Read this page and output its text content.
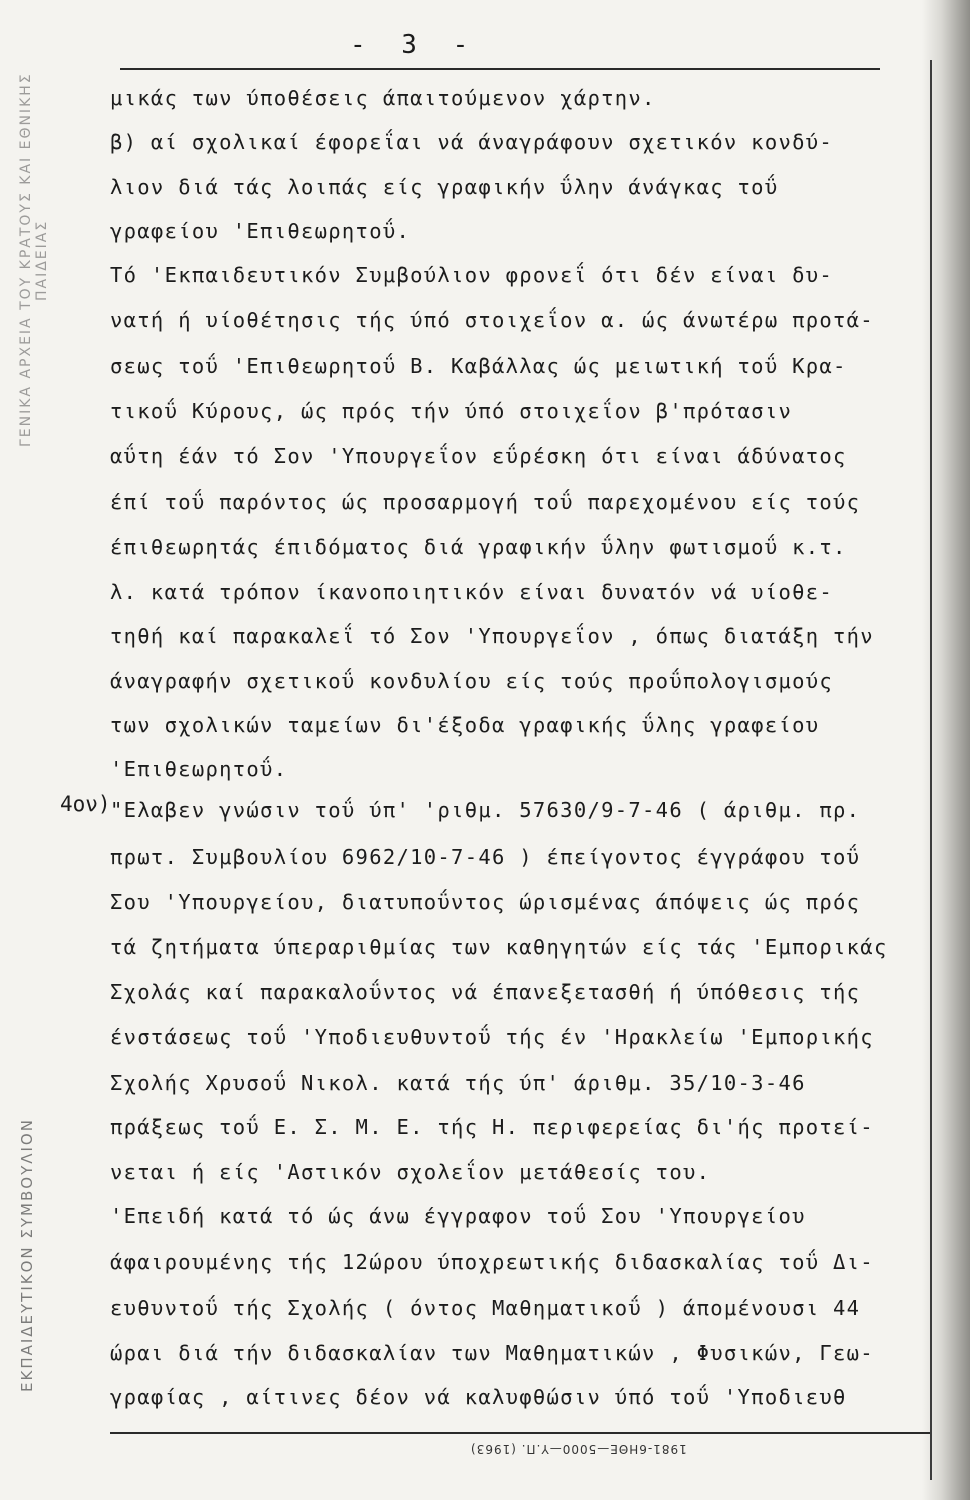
ΓΕΝΙΚΑ ΑΡΧΕΙΑ ΤΟΥ ΚΡΑΤΟΥΣ ΚΑΙ ΕΘΝΙΚΗΣ ΠΑΙΔΕΙΑΣ
ΕΚΠΑΙΔΕΥΤΙΚΟΝ ΣΥΜΒΟΥΛΙΟΝ
- 3 -
4ον)
μικάς των ύποθέσεις άπαιτούμενον χάρτην.
β) αί σχολικαί έφορεΐαι νά άναγράφουν σχετικόν κονδύ-
λιον διά τάς λοιπάς είς γραφικήν ΰλην άνάγκας τοΰ
γραφείου 'Επιθεωρητοΰ.
Τό 'Εκπαιδευτικόν Συμβούλιον φρονεΐ ότι δέν είναι δυ-
νατή ή υίοθέτησις τής ύπό στοιχεΐον α. ώς άνωτέρω προτά-
σεως τοΰ 'Επιθεωρητοΰ Β. Καβάλλας ώς μειωτική τοΰ Κρα-
τικοΰ Κύρους, ώς πρός τήν ύπό στοιχεΐον β'πρότασιν
αΰτη έάν τό Σον 'Υπουργεΐον εΰρέσκη ότι είναι άδύνατος
έπί τοΰ παρόντος ώς προσαρμογή τοΰ παρεχομένου είς τούς
έπιθεωρητάς έπιδόματος διά γραφικήν ΰλην φωτισμοΰ κ.τ.
λ. κατά τρόπον ίκανοποιητικόν είναι δυνατόν νά υίοθε-
τηθή καί παρακαλεΐ τό Σον 'Υπουργεΐον , όπως διατάξη τήν
άναγραφήν σχετικοΰ κονδυλίου είς τούς προΰπολογισμούς
των σχολικών ταμείων δι'έξοδα γραφικής ΰλης γραφείου
'Επιθεωρητοΰ.
"Ελαβεν γνώσιν τοΰ ύπ' 'ριθμ. 57630/9-7-46 ( άριθμ. πρ.
πρωτ. Συμβουλίου 6962/10-7-46 ) έπείγοντος έγγράφου τοΰ
Σου 'Υπουργείου, διατυποΰντος ώρισμένας άπόψεις ώς πρός
τά ζητήματα ύπεραριθμίας των καθηγητών είς τάς 'Εμπορικάς
Σχολάς καί παρακαλοΰντος νά έπανεξετασθή ή ύπόθεσις τής
ένστάσεως τοΰ 'Υποδιευθυντοΰ τής έν 'Ηρακλείω 'Εμπορικής
Σχολής Χρυσοΰ Νικολ. κατά τής ύπ' άριθμ. 35/10-3-46
πράξεως τοΰ Ε. Σ. Μ. Ε. τής Η. περιφερείας δι'ής προτεί-
νεται ή είς 'Αστικόν σχολεΐον μετάθεσίς του.
'Επειδή κατά τό ώς άνω έγγραφον τοΰ Σου 'Υπουργείου
άφαιρουμένης τής 12ώρου ύποχρεωτικής διδασκαλίας τοΰ Δι-
ευθυντοΰ τής Σχολής ( όντος Μαθηματικοΰ ) άπομένουσι 44
ώραι διά τήν διδασκαλίαν των Μαθηματικών , Φυσικών, Γεω-
γραφίας , αίτινες δέον νά καλυφθώσιν ύπό τοΰ 'Υποδιευθ
1981-6ΗΘΕ—5000—Υ.Π. (1963)
